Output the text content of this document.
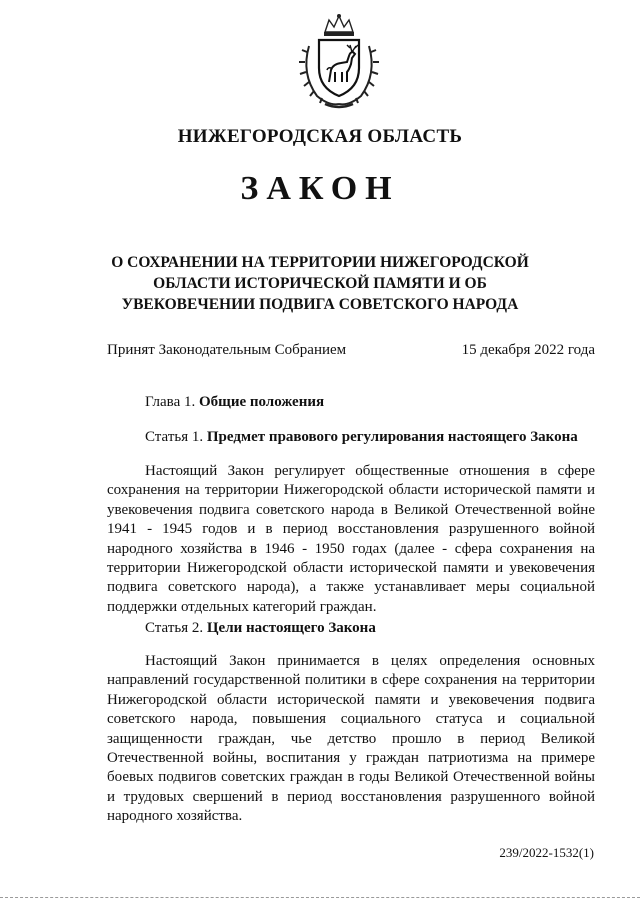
НИЖЕГОРОДСКАЯ ОБЛАСТЬ
ЗАКОН
О СОХРАНЕНИИ НА ТЕРРИТОРИИ НИЖЕГОРОДСКОЙ ОБЛАСТИ ИСТОРИЧЕСКОЙ ПАМЯТИ И ОБ УВЕКОВЕЧЕНИИ ПОДВИГА СОВЕТСКОГО НАРОДА
Принят Законодательным Собранием	15 декабря 2022 года

Глава 1. Общие положения

Статья 1. Предмет правового регулирования настоящего Закона

Настоящий Закон регулирует общественные отношения в сфере сохранения на территории Нижегородской области исторической памяти и увековечения подвига советского народа в Великой Отечественной войне 1941 - 1945 годов и в период восстановления разрушенного войной народного хозяйства в 1946 - 1950 годах (далее - сфера сохранения на территории Нижегородской области исторической памяти и увековечения подвига советского народа), а также устанавливает меры социальной поддержки отдельных категорий граждан.

Статья 2. Цели настоящего Закона

Настоящий Закон принимается в целях определения основных направлений государственной политики в сфере сохранения на территории Нижегородской области исторической памяти и увековечения подвига советского народа, повышения социального статуса и социальной защищенности граждан, чье детство прошло в период Великой Отечественной войны, воспитания у граждан патриотизма на примере боевых подвигов советских граждан в годы Великой Отечественной войны и трудовых свершений в период восстановления разрушенного войной народного хозяйства.

239/2022-1532(1)
